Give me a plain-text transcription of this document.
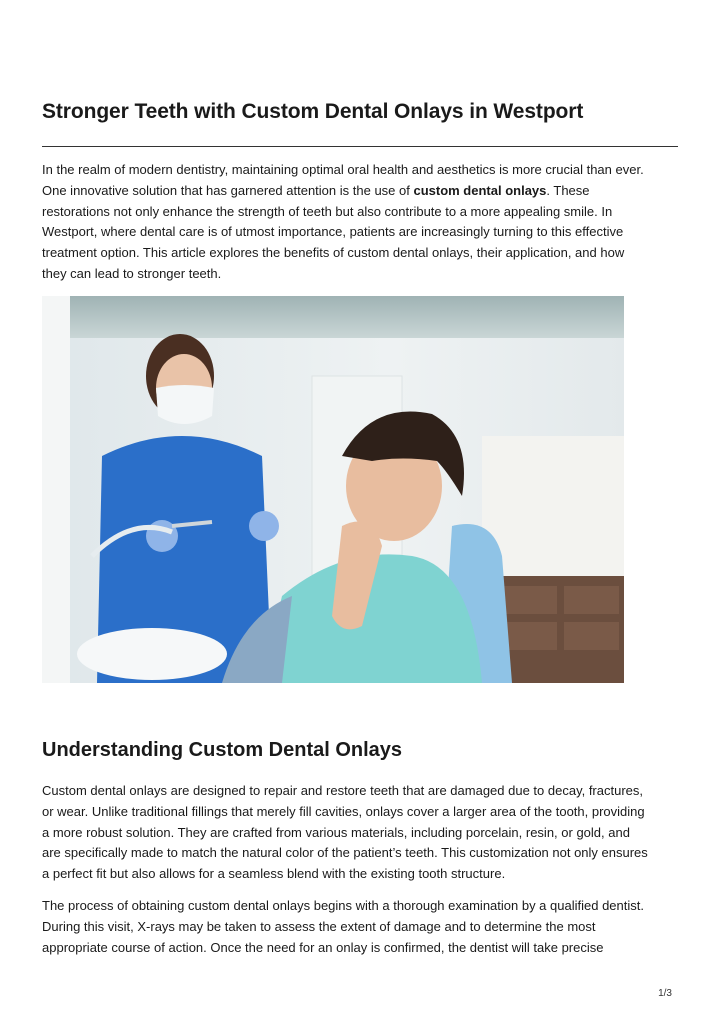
Stronger Teeth with Custom Dental Onlays in Westport

In the realm of modern dentistry, maintaining optimal oral health and aesthetics is more crucial than ever.
One innovative solution that has garnered attention is the use of custom dental onlays. These
restorations not only enhance the strength of teeth but also contribute to a more appealing smile. In
Westport, where dental care is of utmost importance, patients are increasingly turning to this effective
treatment option. This article explores the benefits of custom dental onlays, their application, and how
they can lead to stronger teeth.

Understanding Custom Dental Onlays

Custom dental onlays are designed to repair and restore teeth that are damaged due to decay, fractures,
or wear. Unlike traditional fillings that merely fill cavities, onlays cover a larger area of the tooth, providing
a more robust solution. They are crafted from various materials, including porcelain, resin, or gold, and
are specifically made to match the natural color of the patient’s teeth. This customization not only ensures
a perfect fit but also allows for a seamless blend with the existing tooth structure.

The process of obtaining custom dental onlays begins with a thorough examination by a qualified dentist.
During this visit, X-rays may be taken to assess the extent of damage and to determine the most
appropriate course of action. Once the need for an onlay is confirmed, the dentist will take precise

1/3
